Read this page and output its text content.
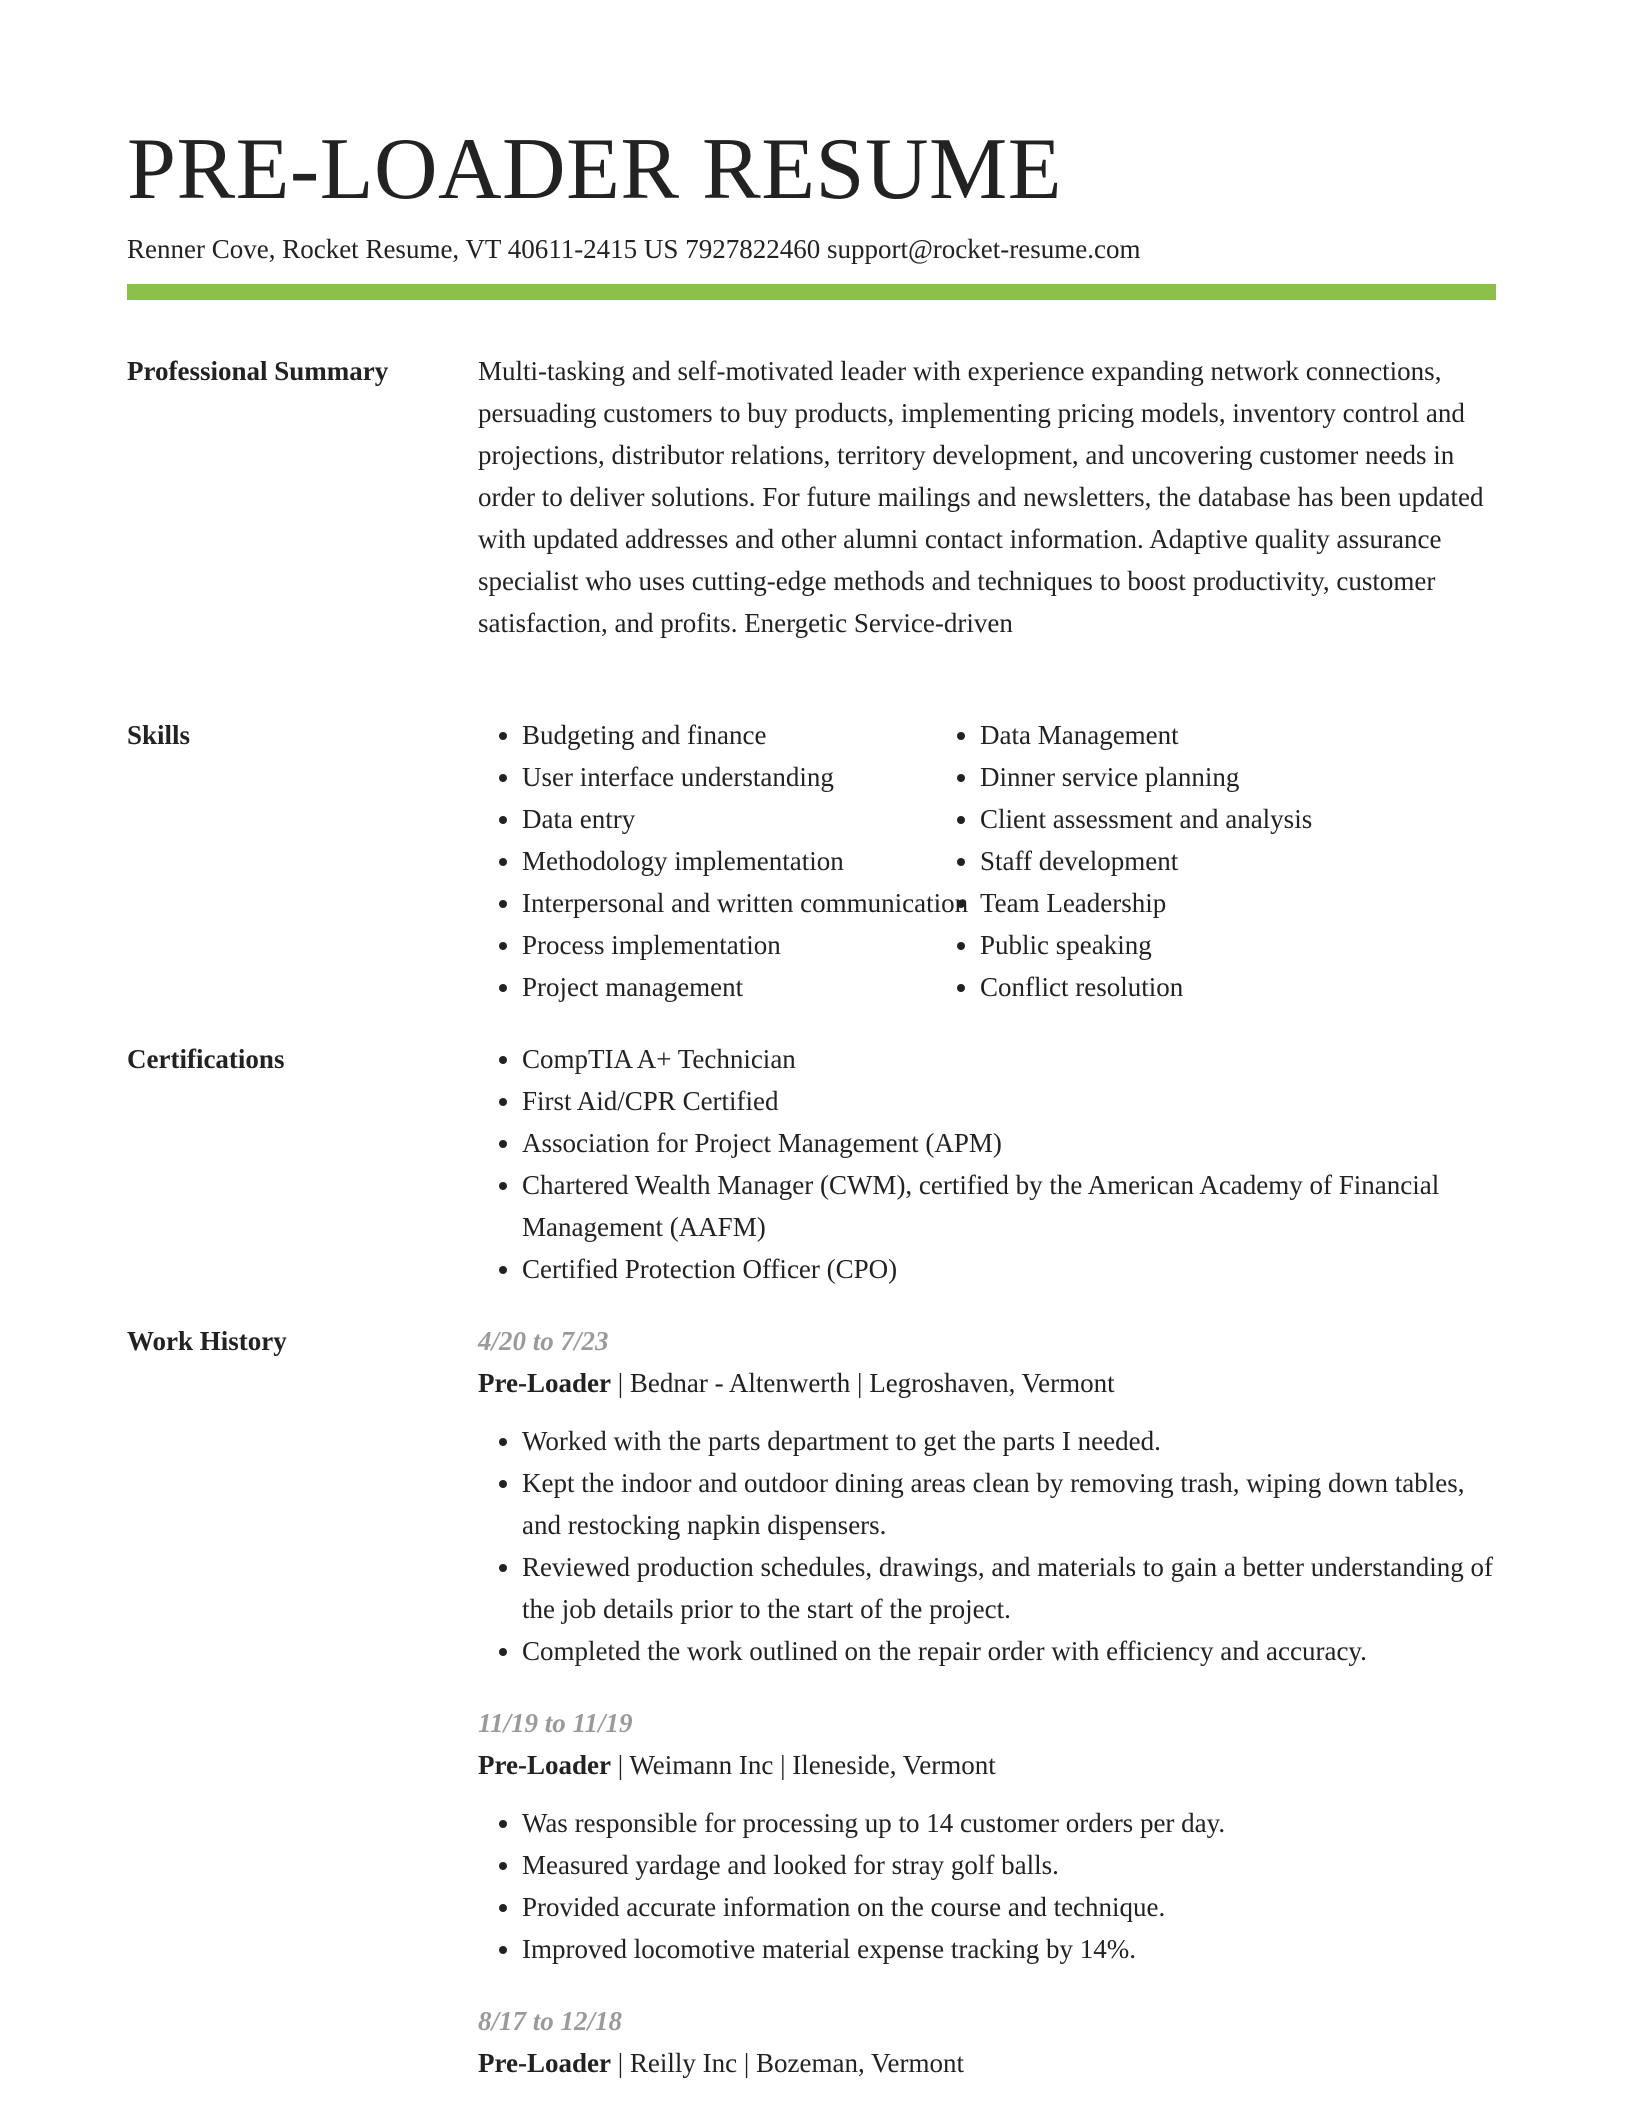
PRE-LOADER RESUME
Renner Cove, Rocket Resume, VT 40611-2415 US 7927822460 support@rocket-resume.com
Professional Summary	Multi-tasking and self-motivated leader with experience expanding network connections, persuading customers to buy products, implementing pricing models, inventory control and projections, distributor relations, territory development, and uncovering customer needs in order to deliver solutions. For future mailings and newsletters, the database has been updated with updated addresses and other alumni contact information. Adaptive quality assurance specialist who uses cutting-edge methods and techniques to boost productivity, customer satisfaction, and profits. Energetic Service-driven

Skills	• Budgeting and finance
• User interface understanding
• Data entry
• Methodology implementation
• Interpersonal and written communication
• Process implementation
• Project management
• Data Management
• Dinner service planning
• Client assessment and analysis
• Staff development
• Team Leadership
• Public speaking
• Conflict resolution
Certifications	• CompTIA A+ Technician
• First Aid/CPR Certified
• Association for Project Management (APM)
• Chartered Wealth Manager (CWM), certified by the American Academy of Financial Management (AAFM)
• Certified Protection Officer (CPO)
Work History	4/20 to 7/23
Pre-Loader | Bednar - Altenwerth | Legroshaven, Vermont
• Worked with the parts department to get the parts I needed.
• Kept the indoor and outdoor dining areas clean by removing trash, wiping down tables, and restocking napkin dispensers.
• Reviewed production schedules, drawings, and materials to gain a better understanding of the job details prior to the start of the project.
• Completed the work outlined on the repair order with efficiency and accuracy.
11/19 to 11/19
Pre-Loader | Weimann Inc | Ileneside, Vermont
• Was responsible for processing up to 14 customer orders per day.
• Measured yardage and looked for stray golf balls.
• Provided accurate information on the course and technique.
• Improved locomotive material expense tracking by 14%.
8/17 to 12/18
Pre-Loader | Reilly Inc | Bozeman, Vermont
